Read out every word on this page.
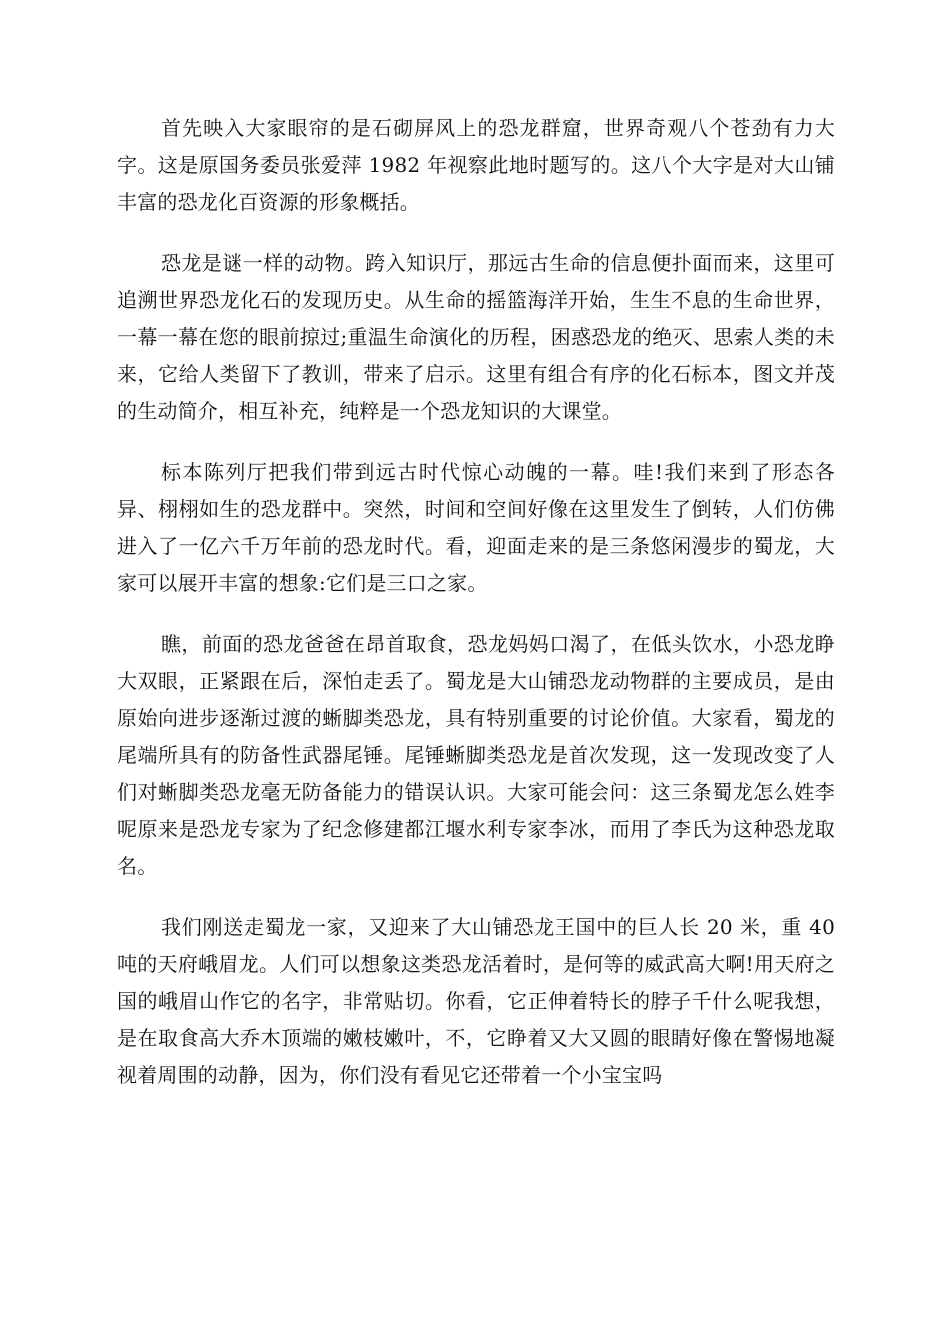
首先映入大家眼帘的是石砌屏风上的恐龙群窟，世界奇观八个苍劲有力大字。这是原国务委员张爱萍 1982 年视察此地时题写的。这八个大字是对大山铺丰富的恐龙化百资源的形象概括。

恐龙是谜一样的动物。跨入知识厅，那远古生命的信息便扑面而来，这里可追溯世界恐龙化石的发现历史。从生命的摇篮海洋开始，生生不息的生命世界，一幕一幕在您的眼前掠过;重温生命演化的历程，困惑恐龙的绝灭、思索人类的未来，它给人类留下了教训，带来了启示。这里有组合有序的化石标本，图文并茂的生动简介，相互补充，纯粹是一个恐龙知识的大课堂。

标本陈列厅把我们带到远古时代惊心动魄的一幕。哇!我们来到了形态各异、栩栩如生的恐龙群中。突然，时间和空间好像在这里发生了倒转，人们仿佛进入了一亿六千万年前的恐龙时代。看，迎面走来的是三条悠闲漫步的蜀龙，大家可以展开丰富的想象:它们是三口之家。

瞧，前面的恐龙爸爸在昂首取食，恐龙妈妈口渴了，在低头饮水，小恐龙睁大双眼，正紧跟在后，深怕走丢了。蜀龙是大山铺恐龙动物群的主要成员，是由原始向进步逐渐过渡的蜥脚类恐龙，具有特别重要的讨论价值。大家看，蜀龙的尾端所具有的防备性武器尾锤。尾锤蜥脚类恐龙是首次发现，这一发现改变了人们对蜥脚类恐龙毫无防备能力的错误认识。大家可能会问：这三条蜀龙怎么姓李呢原来是恐龙专家为了纪念修建都江堰水利专家李冰，而用了李氏为这种恐龙取名。

我们刚送走蜀龙一家，又迎来了大山铺恐龙王国中的巨人长 20 米，重 40 吨的天府峨眉龙。人们可以想象这类恐龙活着时，是何等的威武高大啊!用天府之国的峨眉山作它的名字，非常贴切。你看，它正伸着特长的脖子千什么呢我想，是在取食高大乔木顶端的嫩枝嫩叶，不，它睁着又大又圆的眼睛好像在警惕地凝视着周围的动静，因为，你们没有看见它还带着一个小宝宝吗
